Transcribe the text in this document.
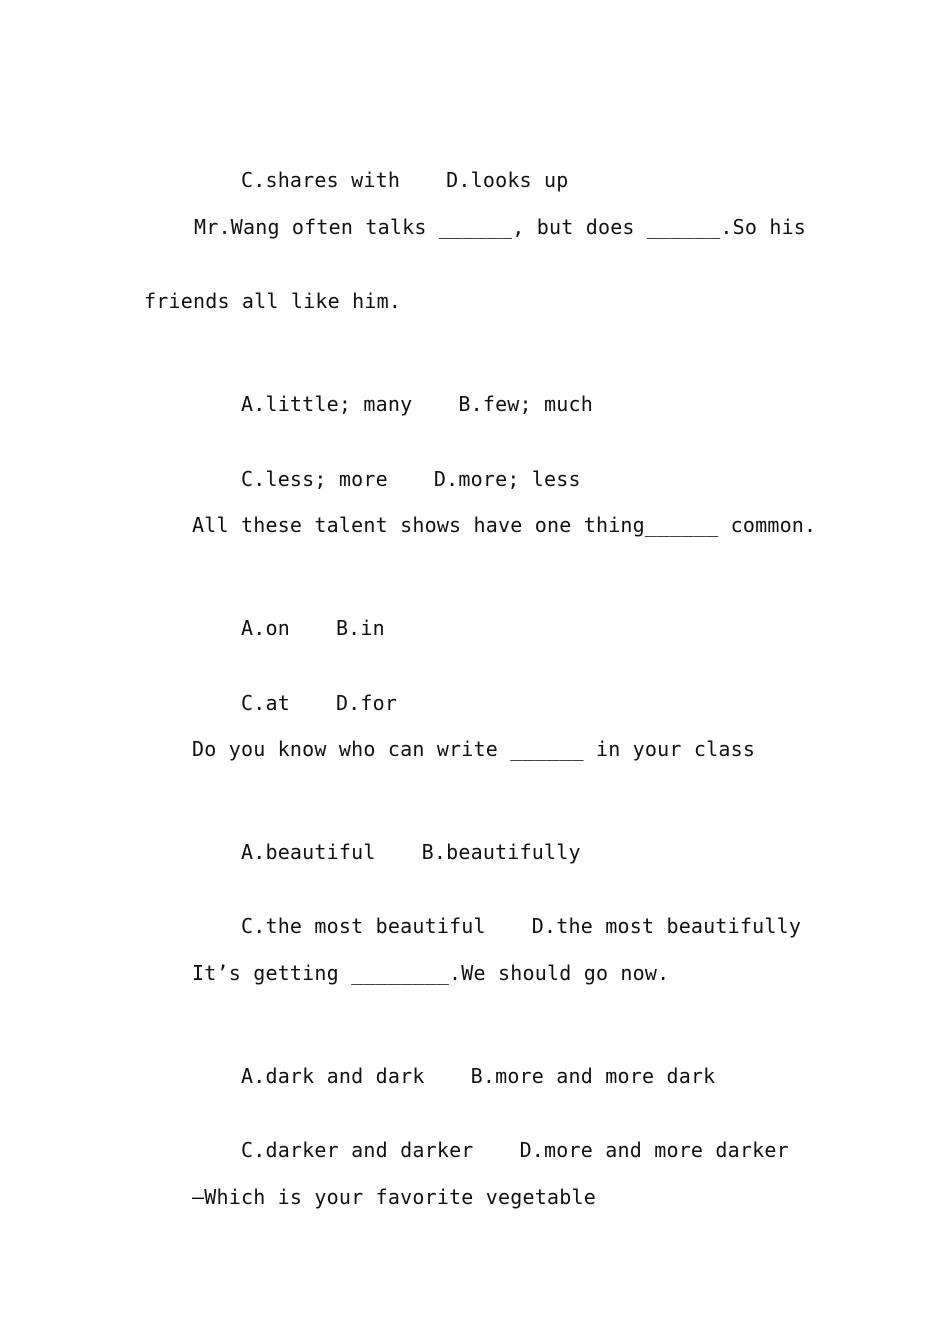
C.shares with D.looks up

Mr.Wang often talks ______, but does ______.So his
friends all like him.

A.little; many B.few; much

C.less; more D.more; less

All these talent shows have one thing______ common.

A.on B.in

C.at D.for

Do you know who can write ______ in your class

A.beautiful B.beautifully

C.the most beautiful D.the most beautifully

It’s getting ________.We should go now.

A.dark and dark B.more and more dark

C.darker and darker D.more and more darker

—Which is your favorite vegetable
